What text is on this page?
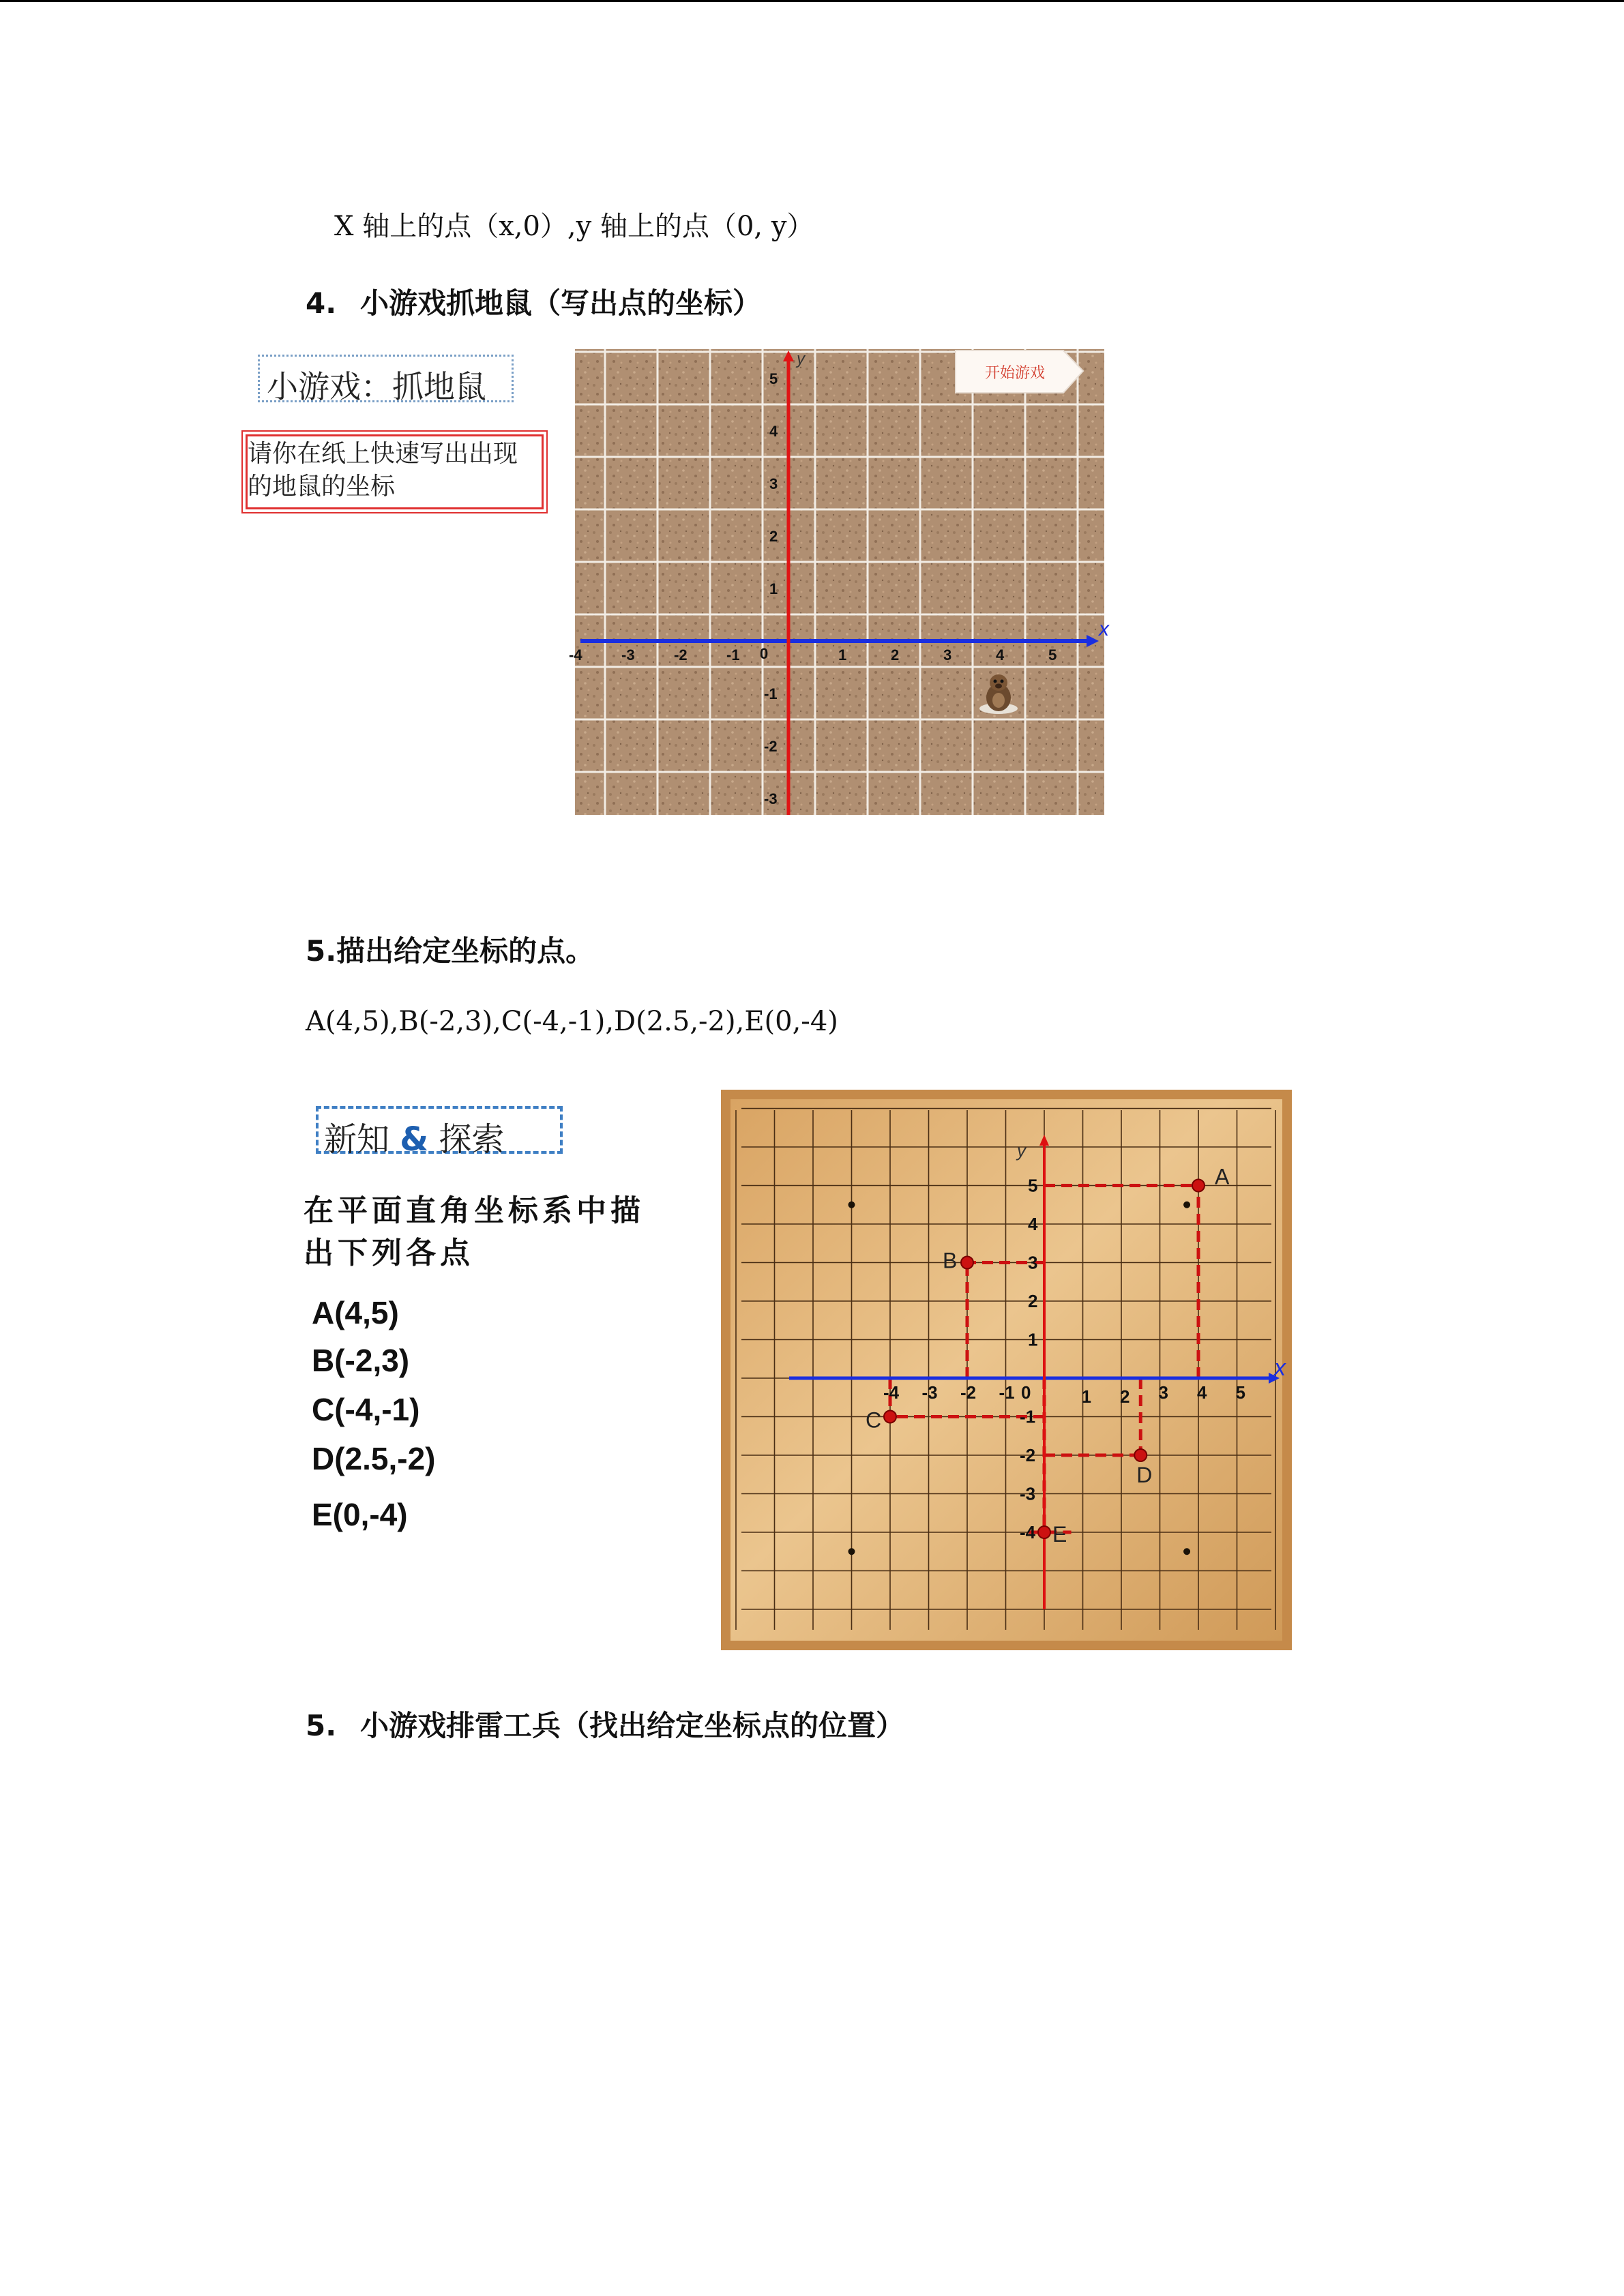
X 轴上的点（x,0）,y 轴上的点（0, y）
4. 小游戏抓地鼠（写出点的坐标）
小游戏：抓地鼠
请你在纸上快速写出出现的地鼠的坐标
开始游戏
x
y
0
-4	-3	-2	-1	1	2	3	4	5
5
4
3
2
1
-1
-2
-3
5.描出给定坐标的点。
A(4,5),B(-2,3),C(-4,-1),D(2.5,-2),E(0,-4)
新知 & 探索
在平面直角坐标系中描出下列各点
A(4,5)
B(-2,3)
C(-4,-1)
D(2.5,-2)
E(0,-4)
x
y
-4 -3 -2 -1 0	1 2 3 4 5
5
4
3
2
1
-1
-2
-3
-4
A
B
C
D
E
5. 小游戏排雷工兵（找出给定坐标点的位置）
